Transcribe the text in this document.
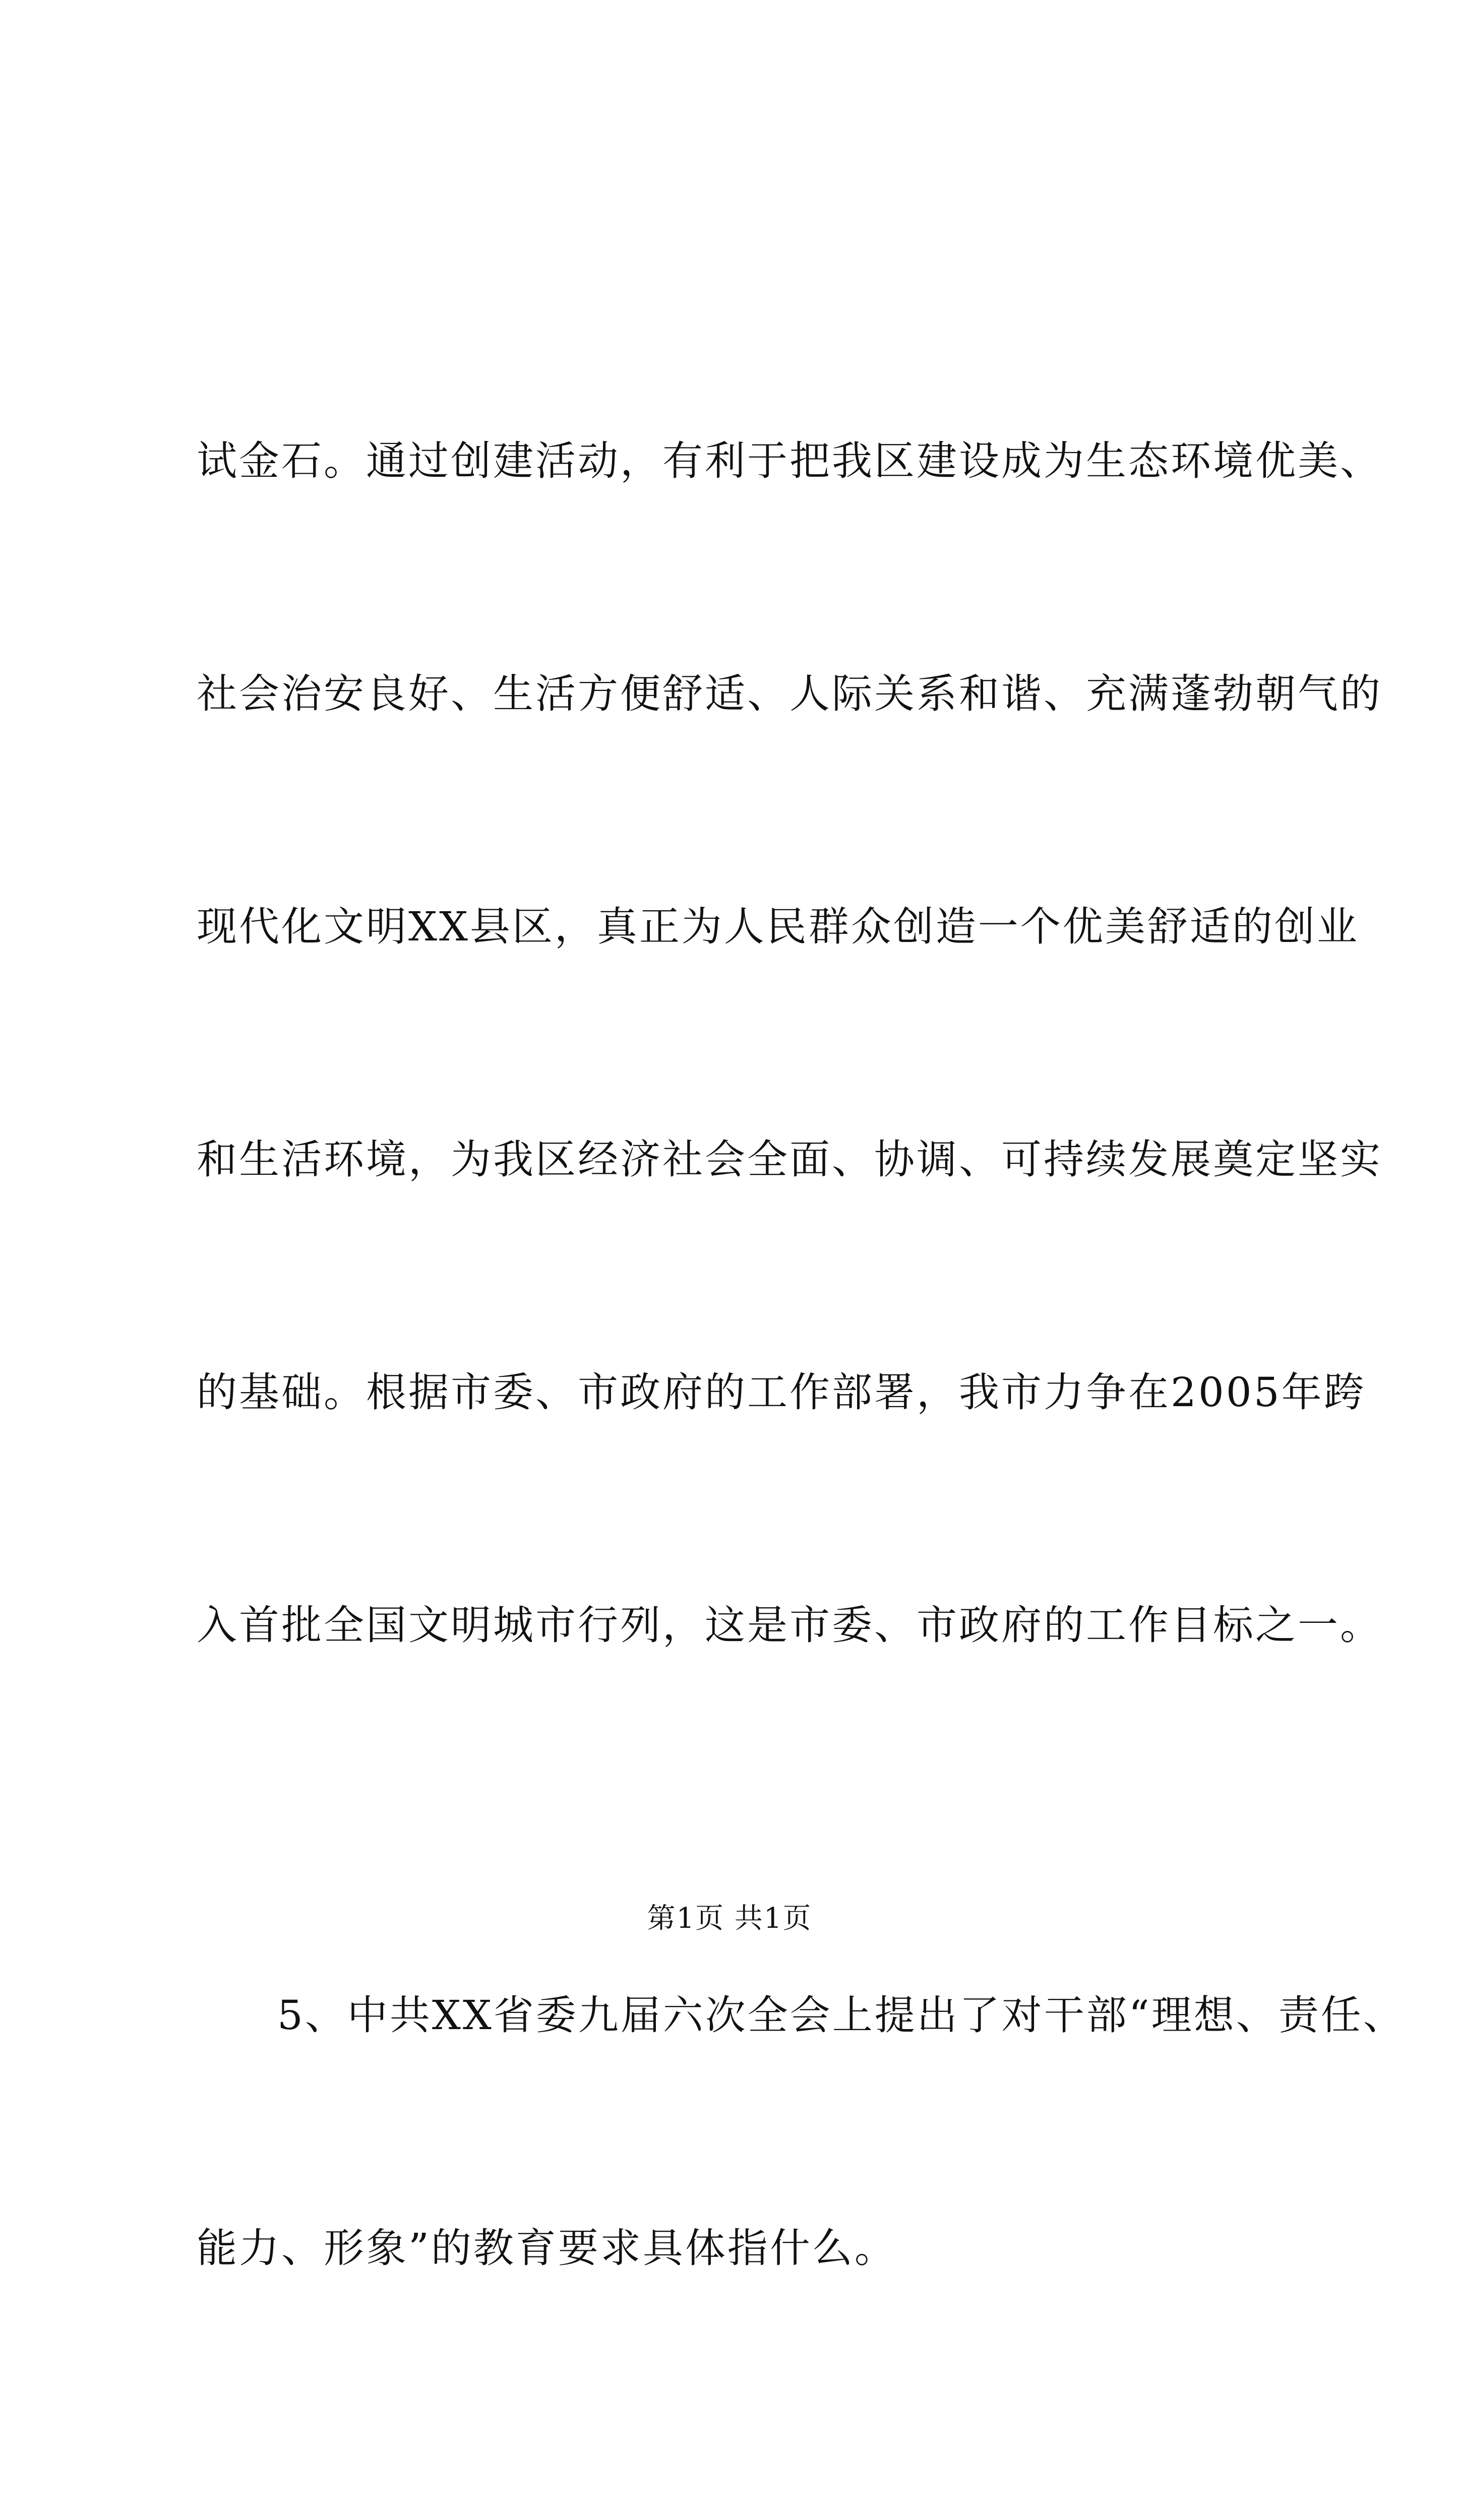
试金石。通过创建活动，有利于把我区建设成为生态环境优美、

社会治安良好、生活方便舒适、人际关系和谐、充满蓬勃朝气的

现代化文明XX县区，真正为人民群众创造一个优美舒适的创业

和生活环境，为我区经济社会全面、协调、可持续发展奠定坚实

的基础。根据市委、市政府的工作部署，我市力争在2005年跨

入首批全国文明城市行列，这是市委、市政府的工作目标之一。

5、中共XX省委九届六次全会上提出了对干部“理想、责任、

能力、形象”的教育要求具体指什么。

第1页 共1页
